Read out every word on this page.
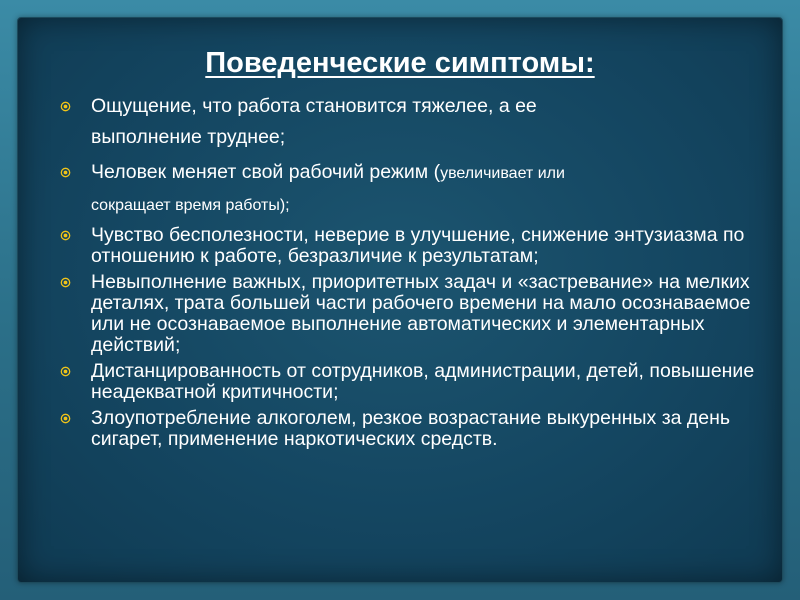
Поведенческие симптомы:
Ощущение, что работа становится тяжелее, а ее
выполнение труднее;
Человек меняет свой рабочий режим (увеличивает или
сокращает время работы);
Чувство бесполезности, неверие в улучшение, снижение энтузиазма по отношению к работе, безразличие к результатам;
Невыполнение важных, приоритетных задач и «застревание» на мелких деталях, трата большей части рабочего времени на мало осознаваемое или не осознаваемое выполнение автоматических и элементарных действий;
Дистанцированность от сотрудников, администрации, детей, повышение неадекватной критичности;
Злоупотребление алкоголем, резкое возрастание выкуренных за день сигарет, применение наркотических средств.
